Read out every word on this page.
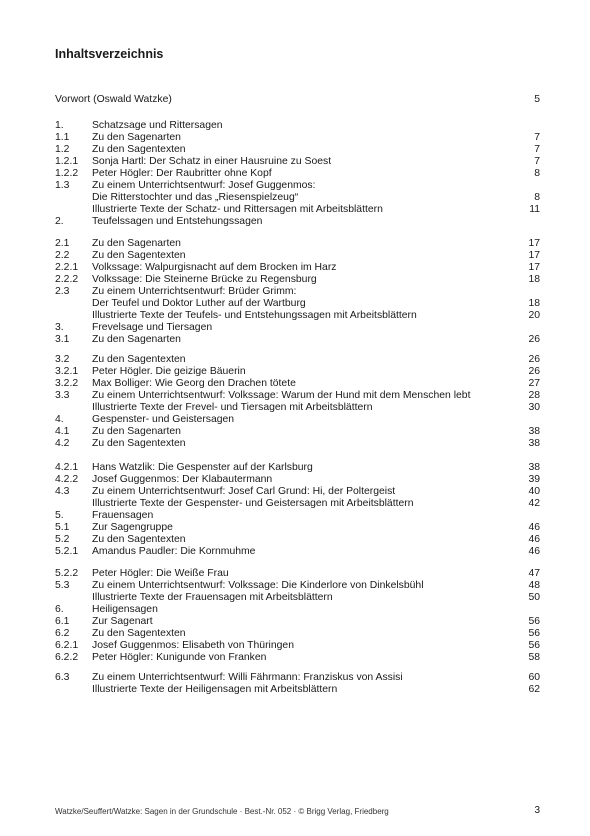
Inhaltsverzeichnis
Vorwort (Oswald Watzke)	5
1.	Schatzsage und Rittersagen
1.1 Zu den Sagenarten	7
1.2 Zu den Sagentexten	7
1.2.1 Sonja Hartl: Der Schatz in einer Hausruine zu Soest	7
1.2.2 Peter Högler: Der Raubritter ohne Kopf	8
1.3 Zu einem Unterrichtsentwurf: Josef Guggenmos:
Die Ritterstochter und das „Riesenspielzeug“	8
Illustrierte Texte der Schatz- und Rittersagen mit Arbeitsblättern	11
2.	Teufelssagen und Entstehungssagen
2.1 Zu den Sagenarten	17
2.2 Zu den Sagentexten	17
2.2.1 Volkssage: Walpurgisnacht auf dem Brocken im Harz	17
2.2.2 Volkssage: Die Steinerne Brücke zu Regensburg	18
2.3 Zu einem Unterrichtsentwurf: Brüder Grimm:
Der Teufel und Doktor Luther auf der Wartburg	18
Illustrierte Texte der Teufels- und Entstehungssagen mit Arbeitsblättern	20
3.	Frevelsage und Tiersagen
3.1 Zu den Sagenarten	26
3.2 Zu den Sagentexten	26
3.2.1 Peter Högler. Die geizige Bäuerin	26
3.2.2 Max Bolliger: Wie Georg den Drachen tötete	27
3.3 Zu einem Unterrichtsentwurf: Volkssage: Warum der Hund mit dem Menschen lebt	28
Illustrierte Texte der Frevel- und Tiersagen mit Arbeitsblättern	30
4.	Gespenster- und Geistersagen
4.1 Zu den Sagenarten	38
4.2 Zu den Sagentexten	38
4.2.1 Hans Watzlik: Die Gespenster auf der Karlsburg	38
4.2.2 Josef Guggenmos: Der Klabautermann	39
4.3 Zu einem Unterrichtsentwurf: Josef Carl Grund: Hi, der Poltergeist	40
Illustrierte Texte der Gespenster- und Geistersagen mit Arbeitsblättern	42
5.	Frauensagen
5.1 Zur Sagengruppe	46
5.2 Zu den Sagentexten	46
5.2.1 Amandus Paudler: Die Kornmuhme	46
5.2.2 Peter Högler: Die Weiße Frau	47
5.3 Zu einem Unterrichtsentwurf: Volkssage: Die Kinderlore von Dinkelsbühl	48
Illustrierte Texte der Frauensagen mit Arbeitsblättern	50
6.	Heiligensagen
6.1 Zur Sagenart	56
6.2 Zu den Sagentexten	56
6.2.1 Josef Guggenmos: Elisabeth von Thüringen	56
6.2.2 Peter Högler: Kunigunde von Franken	58
6.3 Zu einem Unterrichtsentwurf: Willi Fährmann: Franziskus von Assisi	60
Illustrierte Texte der Heiligensagen mit Arbeitsblättern	62
Watzke/Seuffert/Watzke: Sagen in der Grundschule · Best.-Nr. 052 · © Brigg Verlag, Friedberg	3
